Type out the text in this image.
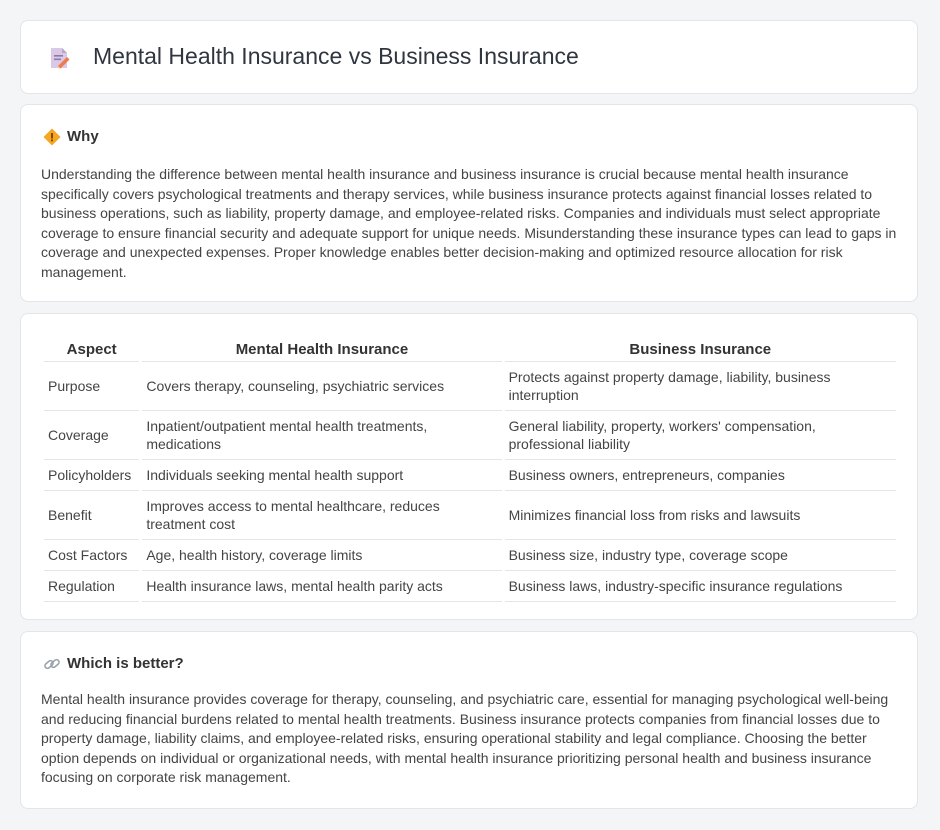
Mental Health Insurance vs Business Insurance
Why

Understanding the difference between mental health insurance and business insurance is crucial because mental health insurance specifically covers psychological treatments and therapy services, while business insurance protects against financial losses related to business operations, such as liability, property damage, and employee-related risks. Companies and individuals must select appropriate coverage to ensure financial security and adequate support for unique needs. Misunderstanding these insurance types can lead to gaps in coverage and unexpected expenses. Proper knowledge enables better decision-making and optimized resource allocation for risk management.

Aspect	Mental Health Insurance	Business Insurance
Purpose	Covers therapy, counseling, psychiatric services	Protects against property damage, liability, business interruption
Coverage	Inpatient/outpatient mental health treatments, medications	General liability, property, workers' compensation, professional liability
Policyholders	Individuals seeking mental health support	Business owners, entrepreneurs, companies
Benefit	Improves access to mental healthcare, reduces treatment cost	Minimizes financial loss from risks and lawsuits
Cost Factors	Age, health history, coverage limits	Business size, industry type, coverage scope
Regulation	Health insurance laws, mental health parity acts	Business laws, industry-specific insurance regulations
Which is better?

Mental health insurance provides coverage for therapy, counseling, and psychiatric care, essential for managing psychological well-being and reducing financial burdens related to mental health treatments. Business insurance protects companies from financial losses due to property damage, liability claims, and employee-related risks, ensuring operational stability and legal compliance. Choosing the better option depends on individual or organizational needs, with mental health insurance prioritizing personal health and business insurance focusing on corporate risk management.
